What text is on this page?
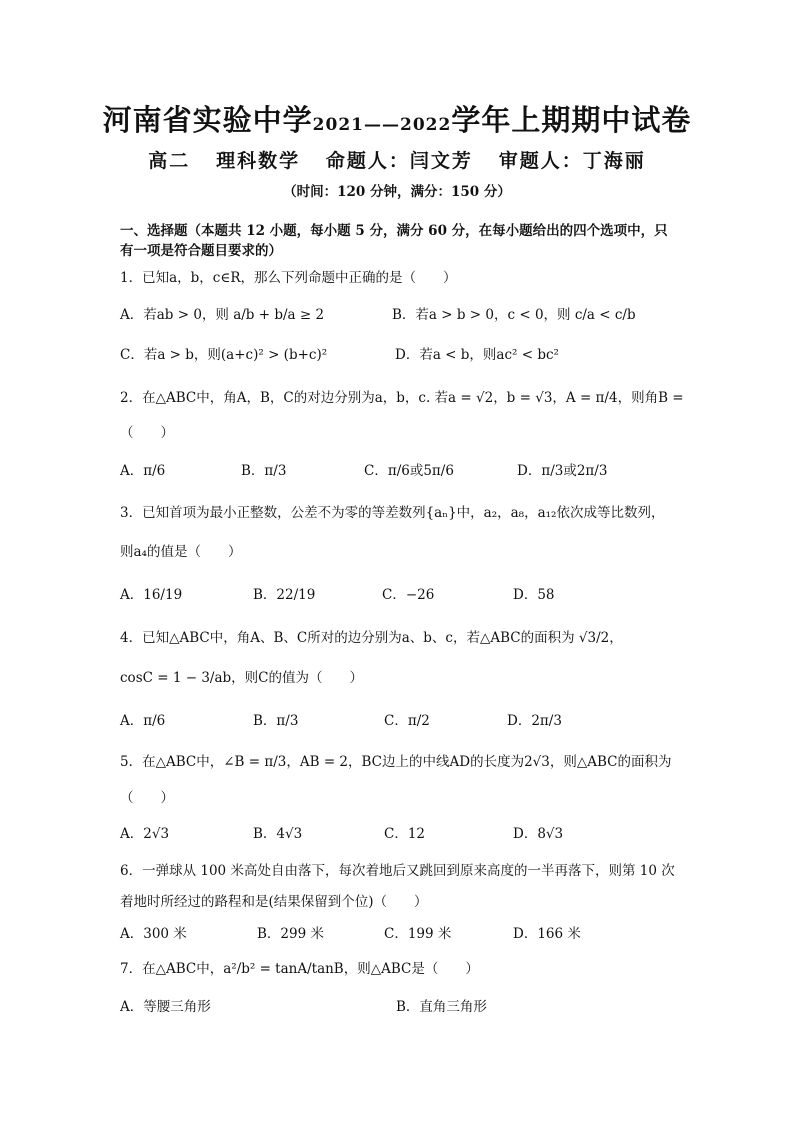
河南省实验中学2021——2022学年上期期中试卷
高二   理科数学   命题人：闫文芳   审题人：丁海丽
（时间：120 分钟，满分：150 分）
一、选择题（本题共 12 小题，每小题 5 分，满分 60 分，在每小题给出的四个选项中，只
有一项是符合题目要求的）
1．已知a，b，c∈R，那么下列命题中正确的是（　　）
A．若ab > 0，则 a/b + b/a ≥ 2	B．若a > b > 0，c < 0，则 c/a < c/b
C．若a > b，则(a+c)² > (b+c)²	D．若a < b，则ac² < bc²
2．在△ABC中，角A，B，C的对边分别为a，b，c. 若a = √2，b = √3，A = π/4，则角B =
（　　）
A．π/6	B．π/3	C．π/6或5π/6	D．π/3或2π/3
3．已知首项为最小正整数，公差不为零的等差数列{aₙ}中，a₂，a₈，a₁₂依次成等比数列，
则a₄的值是（　　）
A．16/19	B．22/19	C．−26	D．58
4．已知△ABC中，角A、B、C所对的边分别为a、b、c，若△ABC的面积为 √3/2，
cosC = 1 − 3/ab，则C的值为（　　）
A．π/6	B．π/3	C．π/2	D．2π/3
5．在△ABC中，∠B = π/3，AB = 2，BC边上的中线AD的长度为2√3，则△ABC的面积为
（　　）
A．2√3	B．4√3	C．12	D．8√3
6．一弹球从 100 米高处自由落下，每次着地后又跳回到原来高度的一半再落下，则第 10 次
着地时所经过的路程和是(结果保留到个位)（　　）
A．300 米	B．299 米	C．199 米	D．166 米
7．在△ABC中，a²/b² = tanA/tanB，则△ABC是（　　）
A．等腰三角形	B．直角三角形
